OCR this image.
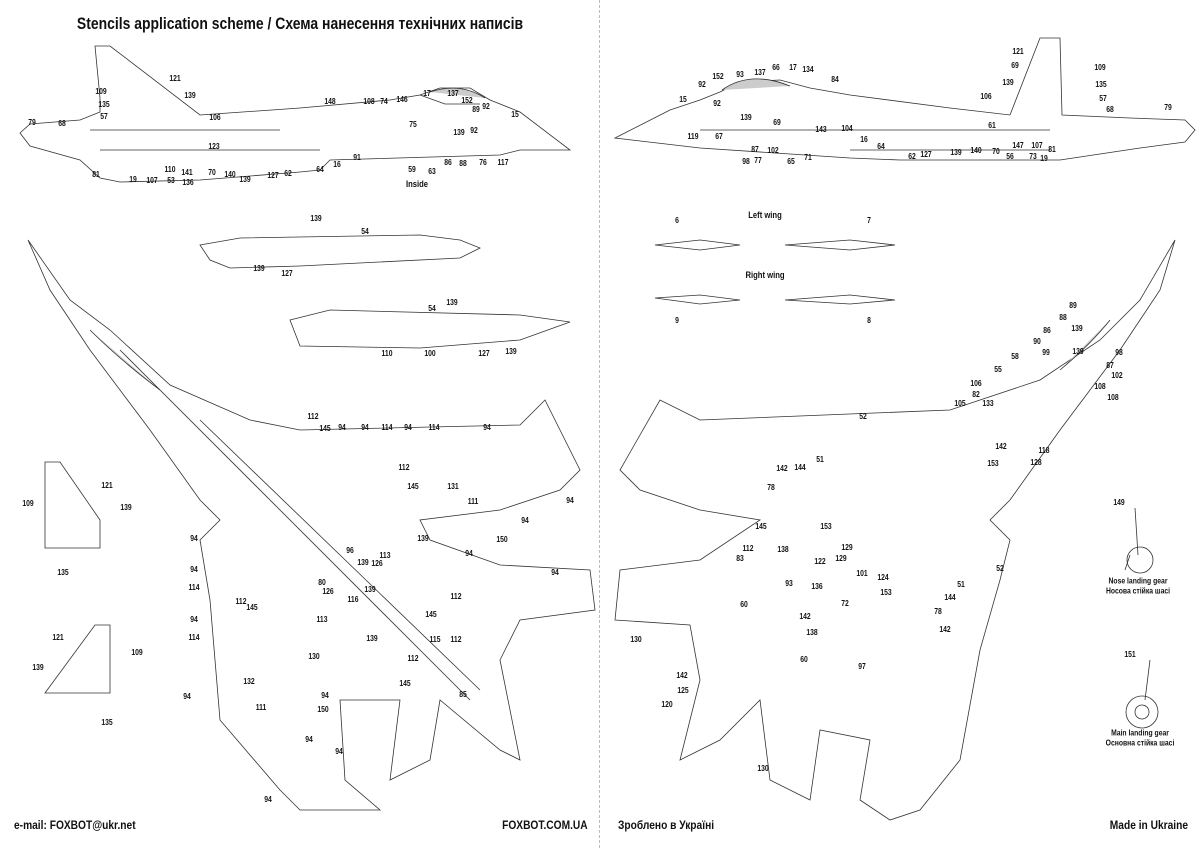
Stencils application scheme / Схема нанесення технічних написів
79	68
57
135
109
121
139
106
148	108 74 146
17 137
152
89 92
15
75
139 92
123
19
81
107
110
53
141
136
70 140
139 127 62	64
16
91
59 63
86 88 76 117
15
92
152 93 137
66 17 134
84
121
69	109
139	135
106	57
68	79
92
139
69
119 67
98
87 102
77	65 71
143 104
16
64
61
62 127 139 140 70
56
147 107
73 19
81
6	7
9	8
139
54
139
127
54
139
110	100	127 139
112
145 94 94 114 94 114	94
112
145	131
111	94
94
150
139
94
94
94
114
112
145
94
114
96
113
126
139
80
126
116
139
113
112
145
115
139	112
112
145
85
130
132
94
111
94
150
94
94
94
94
121
109	139
135
121
109
139
135
89
88
139
86
90
99	139	98
87
58
55
102
108
108
106
82
105 133
52
118
128
142
153
51
142 144
78
145	153
112
83
138
122
129
129
101 124
93 136
72
153
51
52
144
60
142
138
60
78
142
97
130
142
125
120
130
149
151
Inside
Left wing
Right wing
Nose landing gear
Носова стійка шасі
Main landing gear
Основна стійка шасі
e-mail: FOXBOT@ukr.net	FOXBOT.COM.UA	Зроблено в Україні	Made in Ukraine
